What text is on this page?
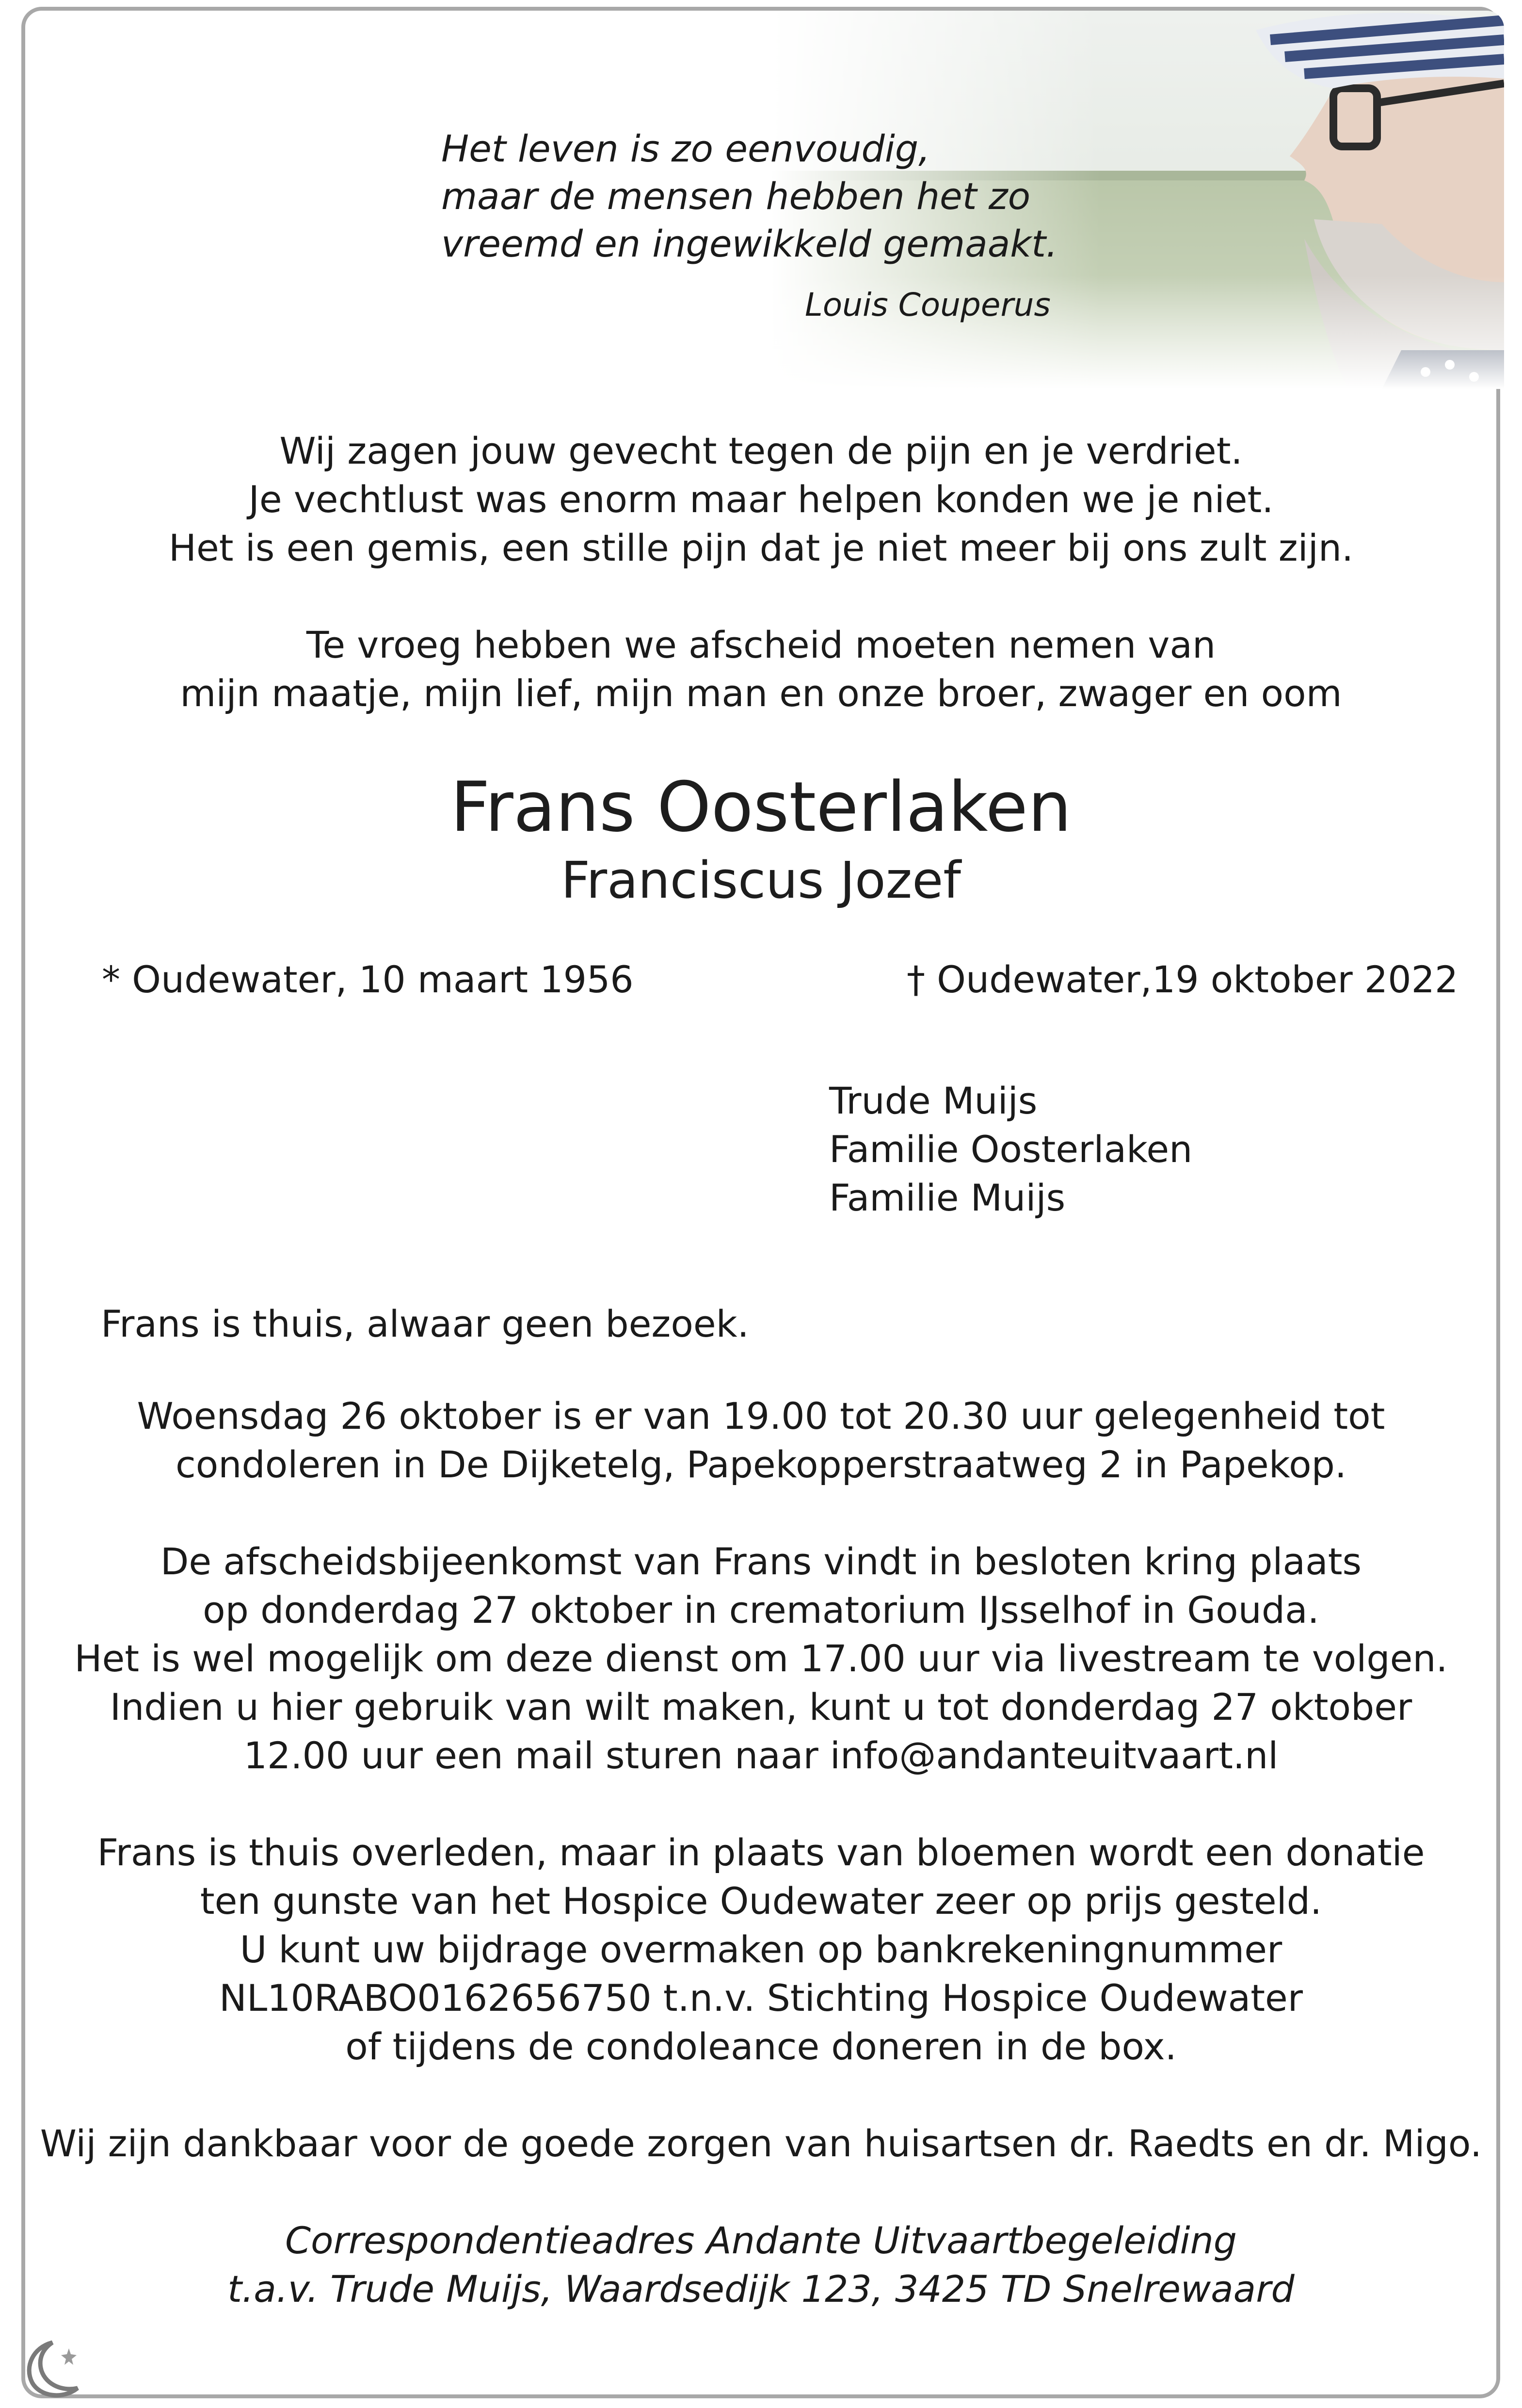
Het leven is zo eenvoudig,
maar de mensen hebben het zo
vreemd en ingewikkeld gemaakt.
Louis Couperus
Wij zagen jouw gevecht tegen de pijn en je verdriet.
Je vechtlust was enorm maar helpen konden we je niet.
Het is een gemis, een stille pijn dat je niet meer bij ons zult zijn.
Te vroeg hebben we afscheid moeten nemen van
mijn maatje, mijn lief, mijn man en onze broer, zwager en oom
Frans Oosterlaken
Franciscus Jozef
* Oudewater, 10 maart 1956	† Oudewater,19 oktober 2022
Trude Muijs
Familie Oosterlaken
Familie Muijs
Frans is thuis, alwaar geen bezoek.
Woensdag 26 oktober is er van 19.00 tot 20.30 uur gelegenheid tot
condoleren in De Dijketelg, Papekopperstraatweg 2 in Papekop.
De afscheidsbijeenkomst van Frans vindt in besloten kring plaats
op donderdag 27 oktober in crematorium IJsselhof in Gouda.
Het is wel mogelijk om deze dienst om 17.00 uur via livestream te volgen.
Indien u hier gebruik van wilt maken, kunt u tot donderdag 27 oktober
12.00 uur een mail sturen naar info@andanteuitvaart.nl
Frans is thuis overleden, maar in plaats van bloemen wordt een donatie
ten gunste van het Hospice Oudewater zeer op prijs gesteld.
U kunt uw bijdrage overmaken op bankrekeningnummer
NL10RABO0162656750 t.n.v. Stichting Hospice Oudewater
of tijdens de condoleance doneren in de box.
Wij zijn dankbaar voor de goede zorgen van huisartsen dr. Raedts en dr. Migo.
Correspondentieadres Andante Uitvaartbegeleiding
t.a.v. Trude Muijs, Waardsedijk 123, 3425 TD Snelrewaard
